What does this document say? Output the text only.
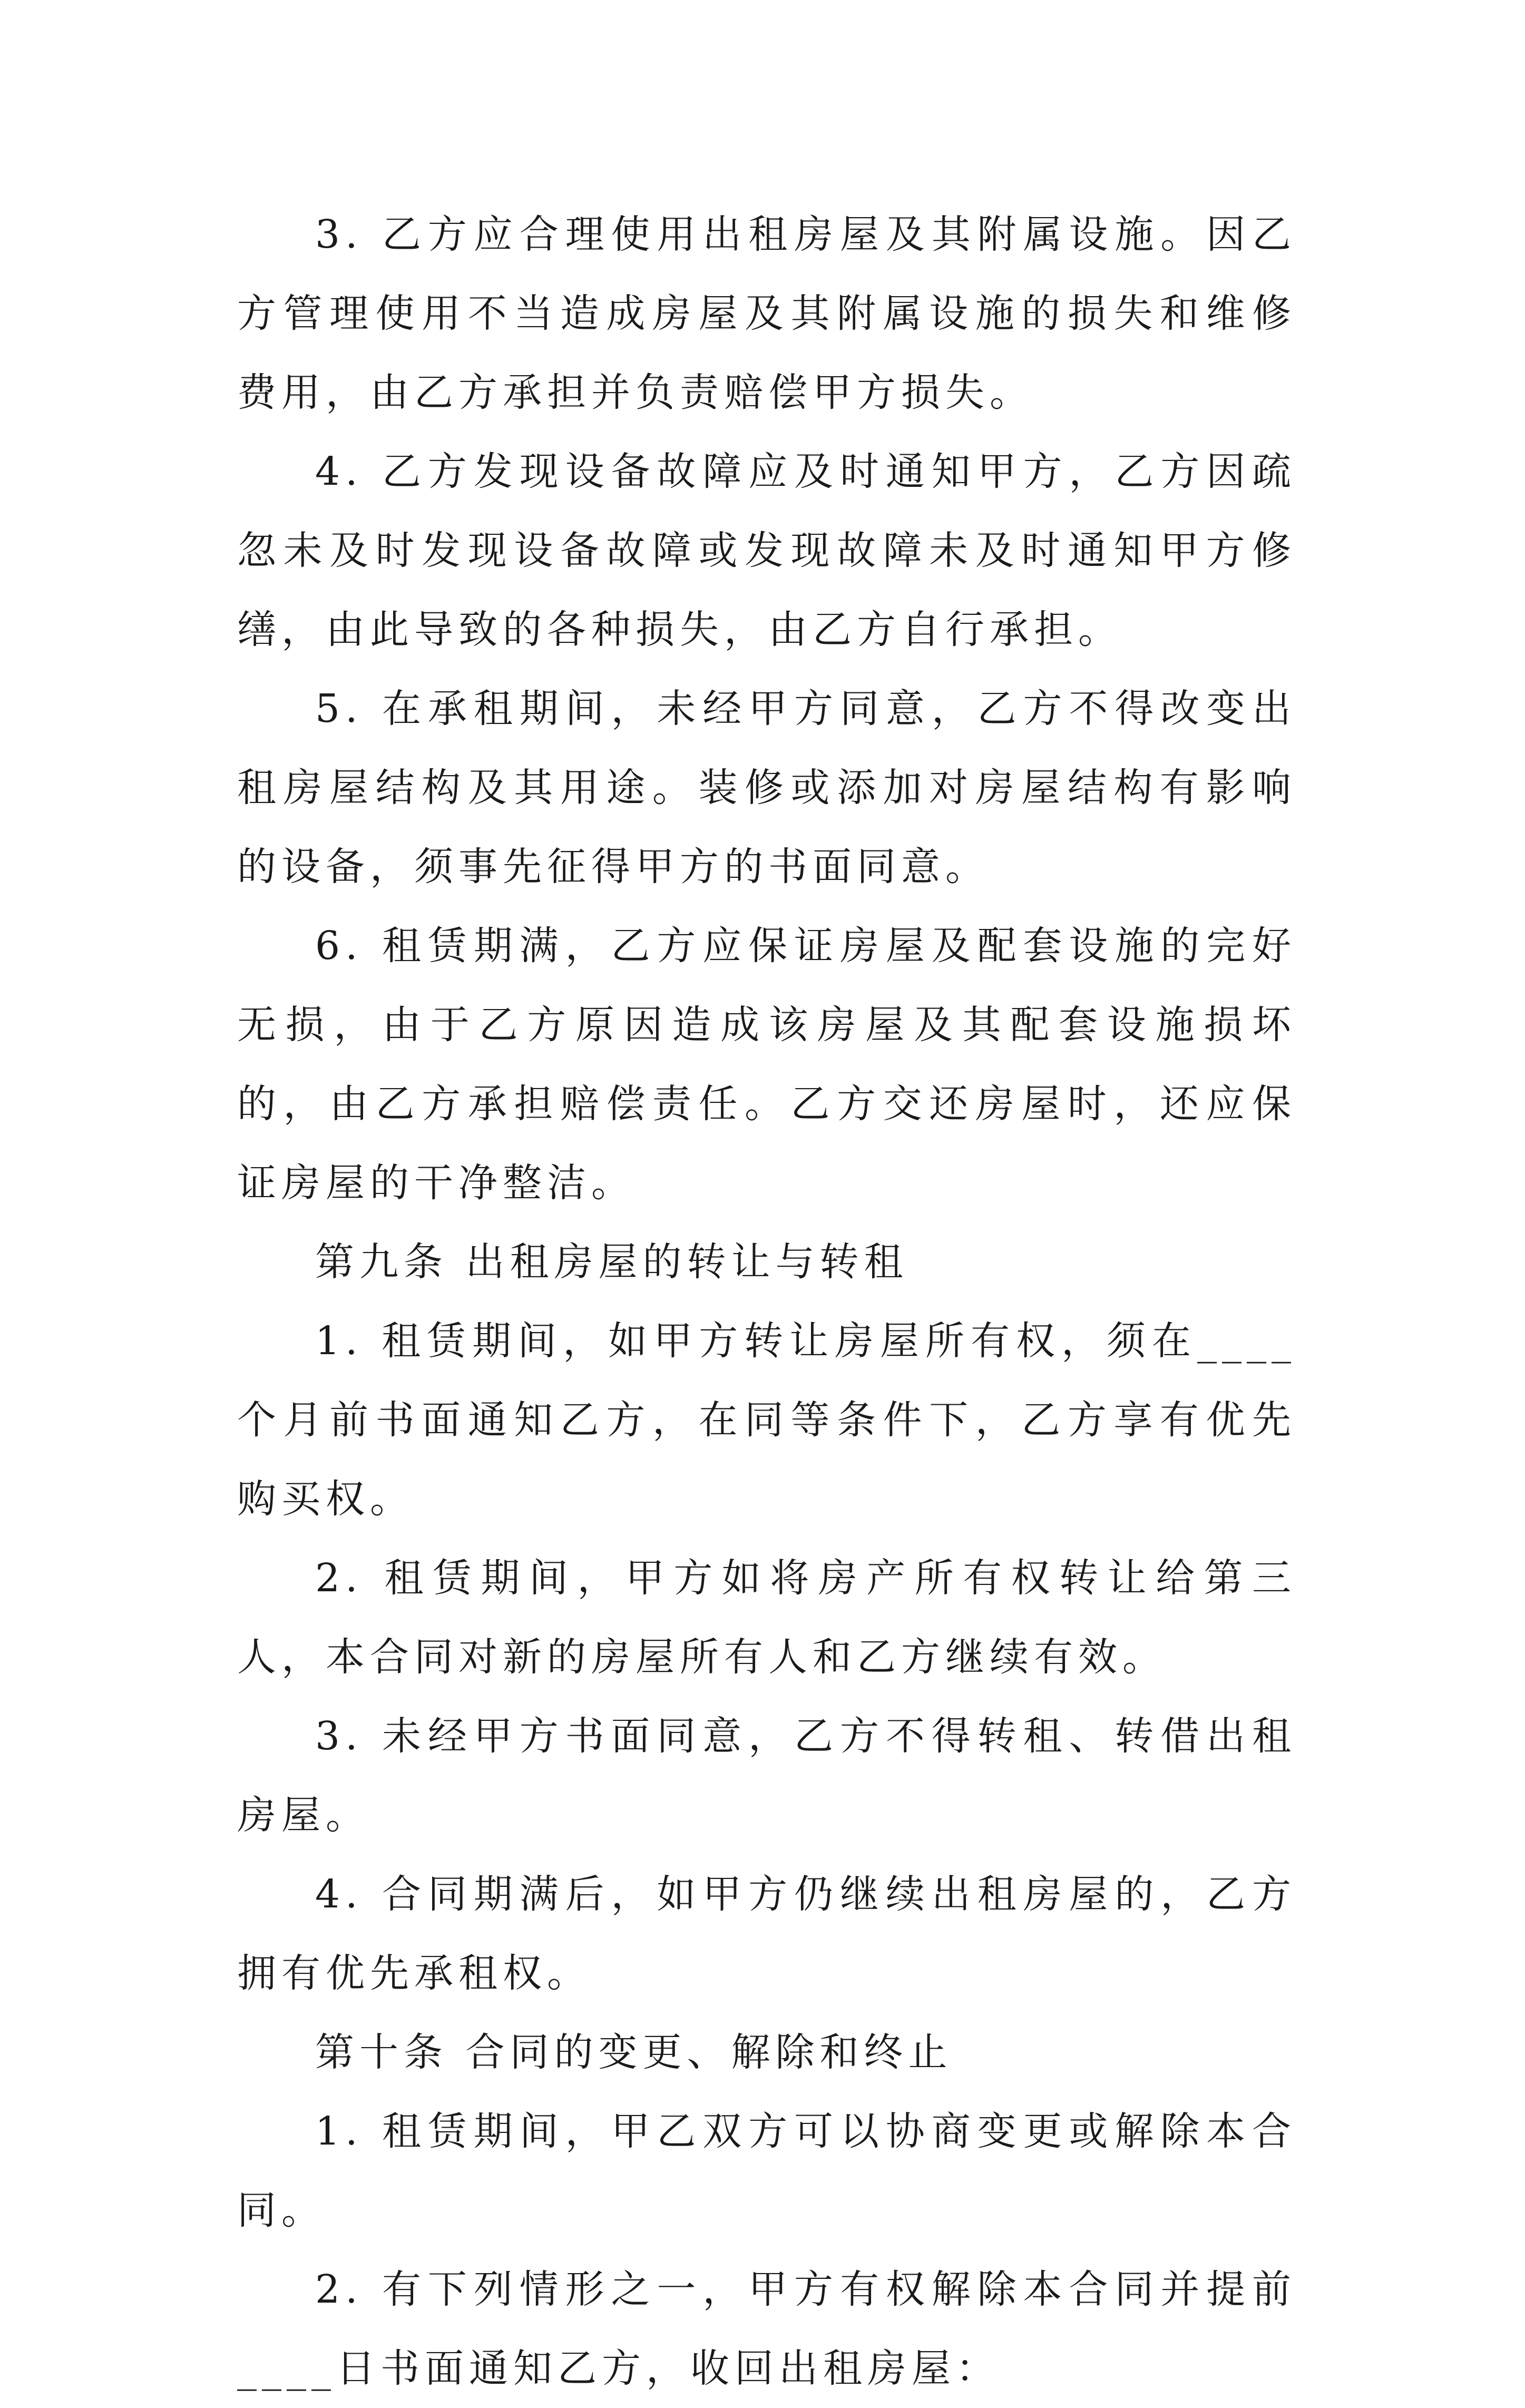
3. 乙方应合理使用出租房屋及其附属设施。因乙方管理使用不当造成房屋及其附属设施的损失和维修费用，由乙方承担并负责赔偿甲方损失。

4. 乙方发现设备故障应及时通知甲方，乙方因疏忽未及时发现设备故障或发现故障未及时通知甲方修缮，由此导致的各种损失，由乙方自行承担。

5. 在承租期间，未经甲方同意，乙方不得改变出租房屋结构及其用途。装修或添加对房屋结构有影响的设备，须事先征得甲方的书面同意。

6. 租赁期满，乙方应保证房屋及配套设施的完好无损，由于乙方原因造成该房屋及其配套设施损坏的，由乙方承担赔偿责任。乙方交还房屋时，还应保证房屋的干净整洁。

第九条 出租房屋的转让与转租

1. 租赁期间，如甲方转让房屋所有权，须在____个月前书面通知乙方，在同等条件下，乙方享有优先购买权。

2. 租赁期间，甲方如将房产所有权转让给第三人，本合同对新的房屋所有人和乙方继续有效。

3. 未经甲方书面同意，乙方不得转租、转借出租房屋。

4. 合同期满后，如甲方仍继续出租房屋的，乙方拥有优先承租权。

第十条 合同的变更、解除和终止

1. 租赁期间，甲乙双方可以协商变更或解除本合同。

2. 有下列情形之一，甲方有权解除本合同并提前____日书面通知乙方，收回出租房屋：
